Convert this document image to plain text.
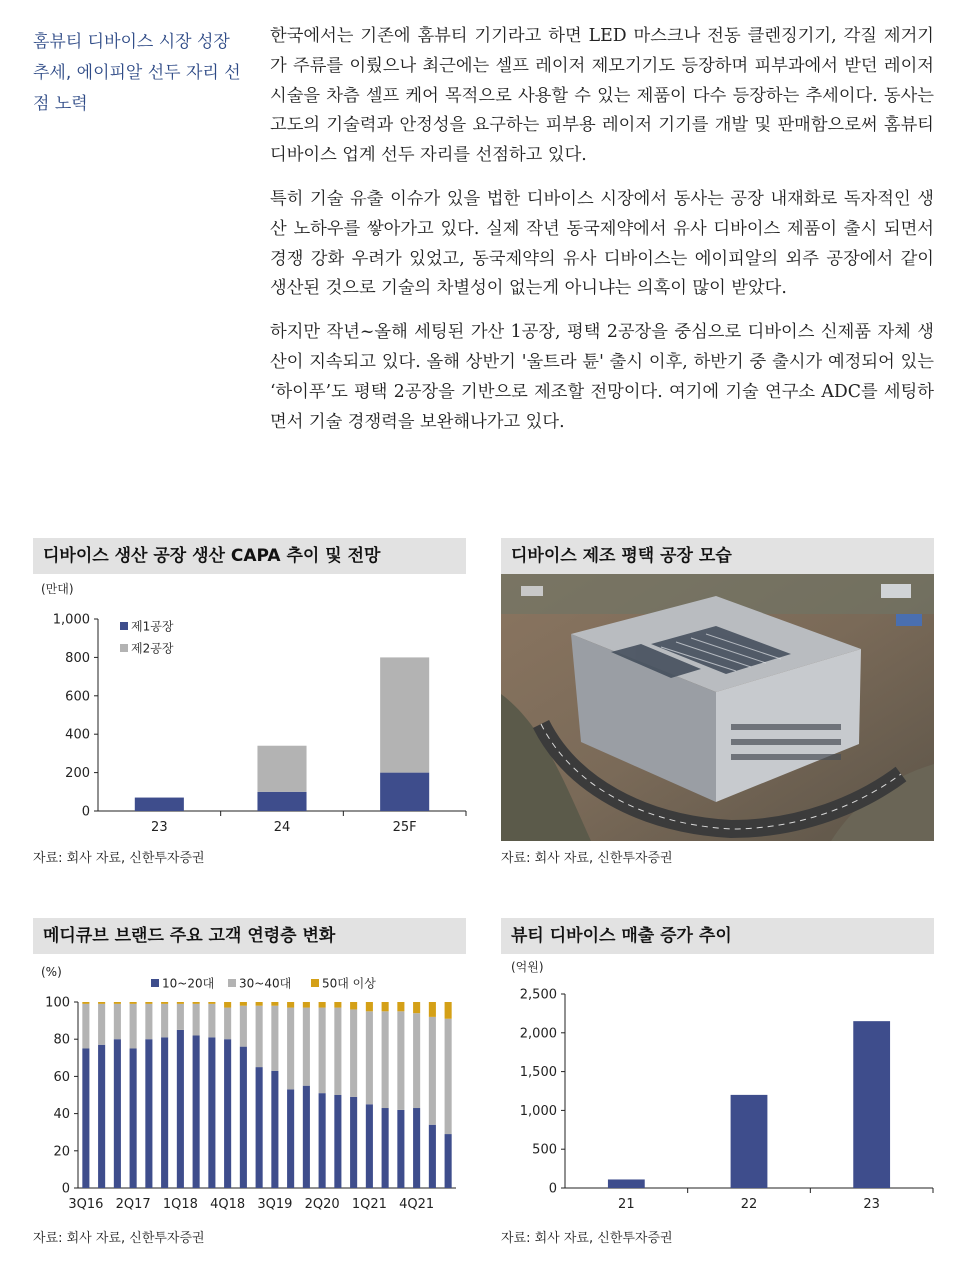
홈뷰티 디바이스 시장 성장 추세, 에이피알 선두 자리 선점 노력

한국에서는 기존에 홈뷰티 기기라고 하면 LED 마스크나 전동 클렌징기기, 각질 제거기가 주류를 이뤘으나 최근에는 셀프 레이저 제모기기도 등장하며 피부과에서 받던 레이저 시술을 차츰 셀프 케어 목적으로 사용할 수 있는 제품이 다수 등장하는 추세이다. 동사는 고도의 기술력과 안정성을 요구하는 피부용 레이저 기기를 개발 및 판매함으로써 홈뷰티 디바이스 업계 선두 자리를 선점하고 있다.

특히 기술 유출 이슈가 있을 법한 디바이스 시장에서 동사는 공장 내재화로 독자적인 생산 노하우를 쌓아가고 있다. 실제 작년 동국제약에서 유사 디바이스 제품이 출시 되면서 경쟁 강화 우려가 있었고, 동국제약의 유사 디바이스는 에이피알의 외주 공장에서 같이 생산된 것으로 기술의 차별성이 없는게 아니냐는 의혹이 많이 받았다.

하지만 작년~올해 세팅된 가산 1공장, 평택 2공장을 중심으로 디바이스 신제품 자체 생산이 지속되고 있다. 올해 상반기 '울트라 튠' 출시 이후, 하반기 중 출시가 예정되어 있는 ‘하이푸’도 평택 2공장을 기반으로 제조할 전망이다. 여기에 기술 연구소 ADC를 세팅하면서 기술 경쟁력을 보완해나가고 있다.

디바이스 생산 공장 생산 CAPA 추이 및 전망
(만대)
0
200
400
600
800
1,000
23	24	25F
제1공장
제2공장
자료: 회사 자료, 신한투자증권
디바이스 제조 평택 공장 모습
자료: 회사 자료, 신한투자증권
메디큐브 브랜드 주요 고객 연령층 변화
(%)
0
20
40
60
80
100
3Q16 2Q17 1Q18 4Q18 3Q19 2Q20 1Q21 4Q21
10~20대 30~40대	50대 이상
자료: 회사 자료, 신한투자증권
뷰티 디바이스 매출 증가 추이
(억원)
0
500
1,000
1,500
2,000
2,500
21	22	23
자료: 회사 자료, 신한투자증권
